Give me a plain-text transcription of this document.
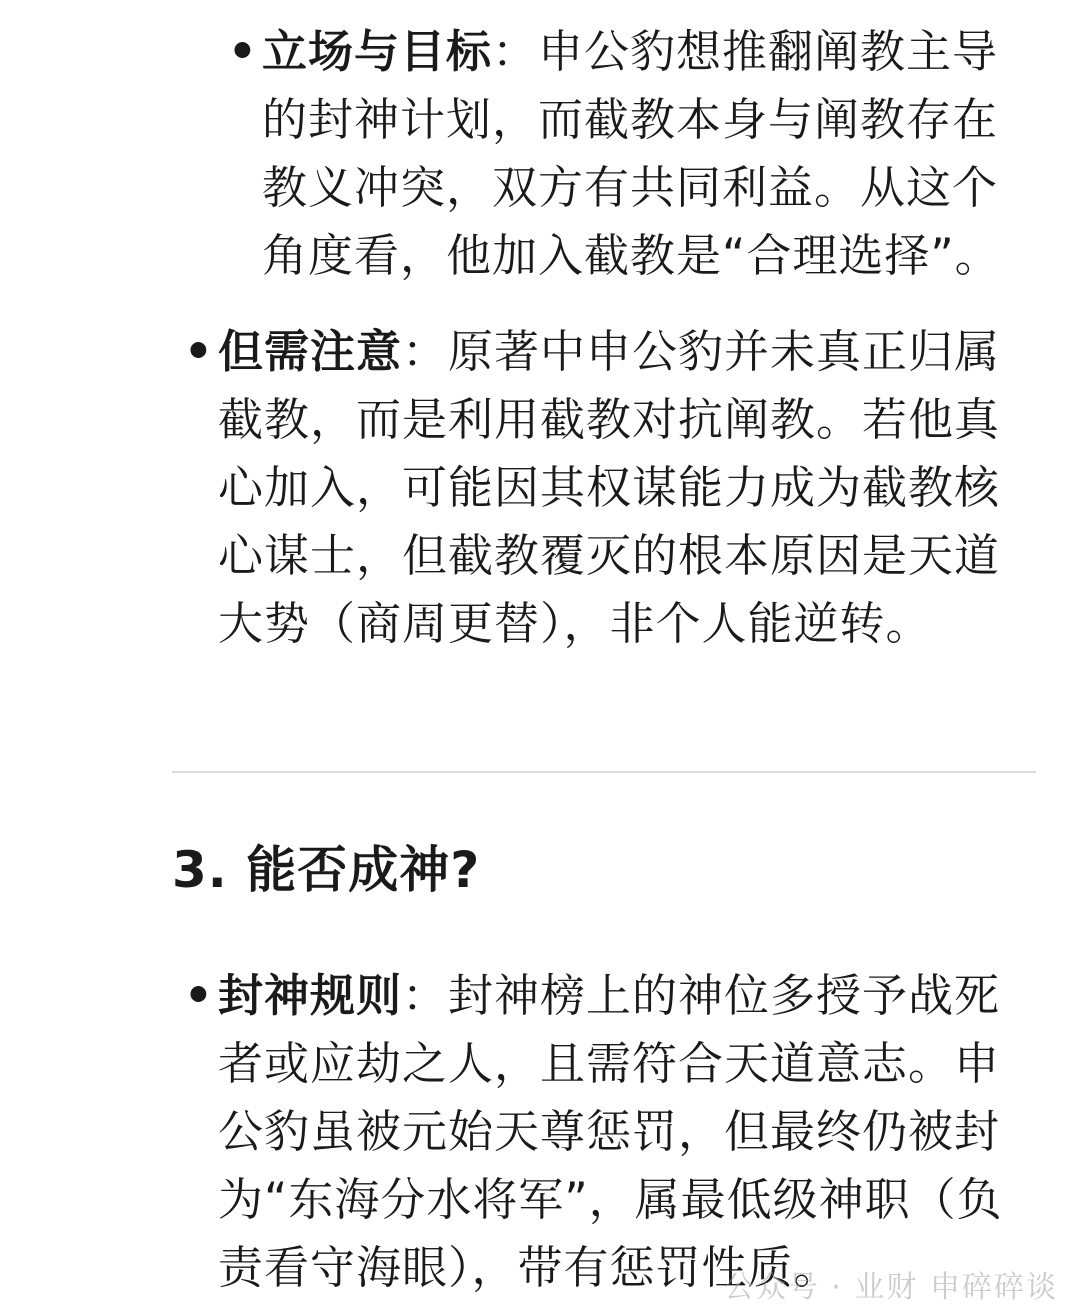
• 立场与目标：申公豹想推翻阐教主导的封神计划，而截教本身与阐教存在教义冲突，双方有共同利益。从这个角度看，他加入截教是“合理选择”。
• 但需注意：原著中申公豹并未真正归属截教，而是利用截教对抗阐教。若他真心加入，可能因其权谋能力成为截教核心谋士，但截教覆灭的根本原因是天道大势（商周更替），非个人能逆转。
3. 能否成神?
• 封神规则：封神榜上的神位多授予战死者或应劫之人，且需符合天道意志。申公豹虽被元始天尊惩罚，但最终仍被封为“东海分水将军”，属最低级神职（负责看守海眼），带有惩罚性质。
公众号 · 业财 申碎碎谈
